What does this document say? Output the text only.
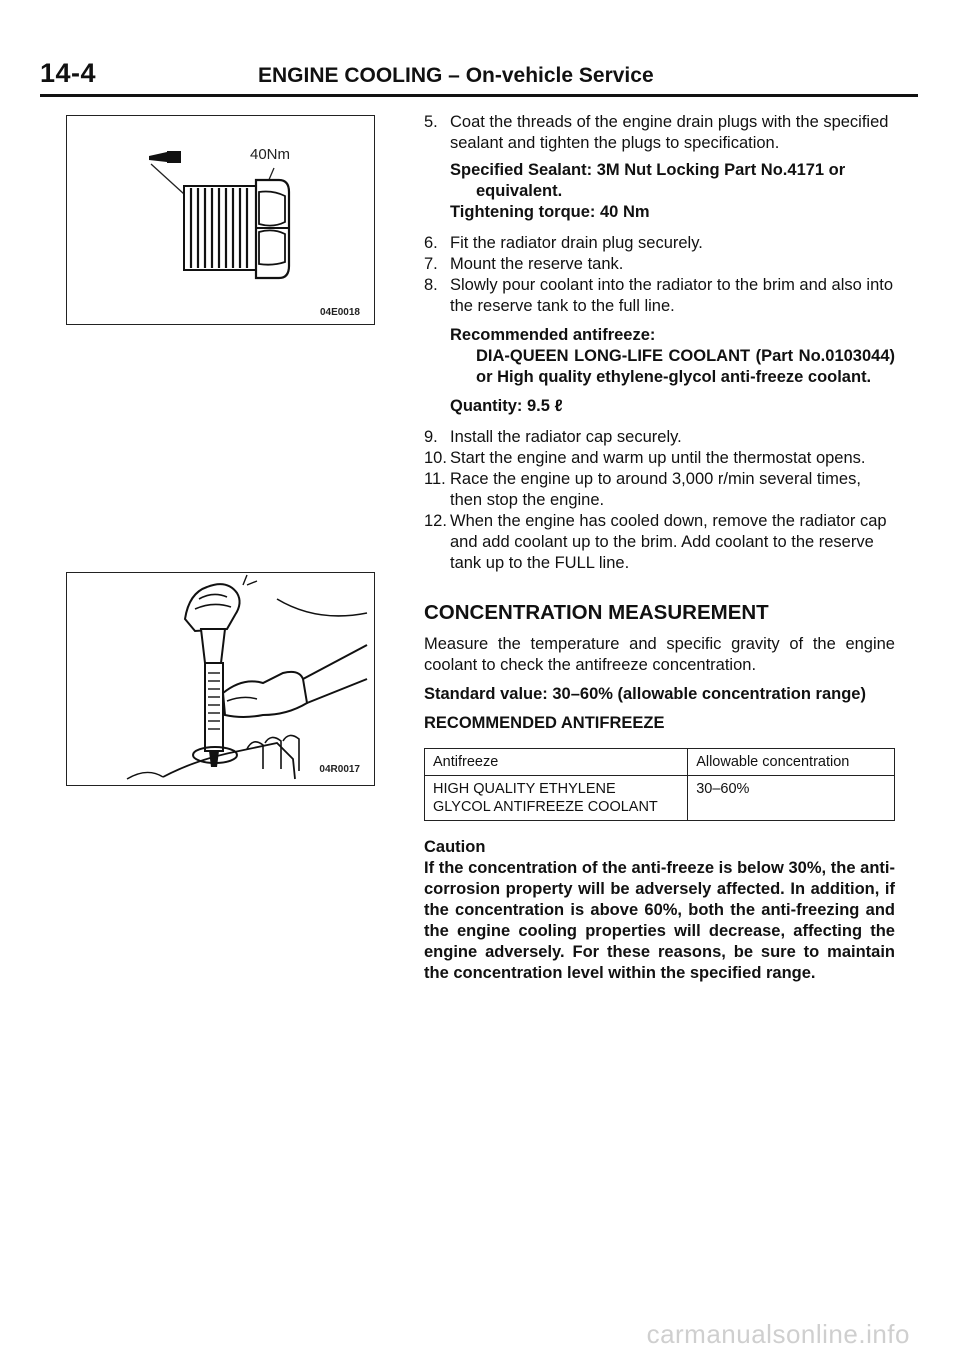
14-4	ENGINE COOLING – On-vehicle Service
40Nm
04E0018
04R0017

5. Coat the threads of the engine drain plugs with the specified sealant and tighten the plugs to specification.

Specified Sealant: 3M Nut Locking Part No.4171 or
equivalent.
Tightening torque: 40 Nm

6. Fit the radiator drain plug securely.

7. Mount the reserve tank.

8. Slowly pour coolant into the radiator to the brim and also into the reserve tank to the full line.

Recommended antifreeze:
DIA-QUEEN LONG-LIFE COOLANT (Part No.0103044) or High quality ethylene-glycol anti-freeze coolant.
Quantity: 9.5 ℓ

9. Install the radiator cap securely.

10. Start the engine and warm up until the thermostat opens.

11. Race the engine up to around 3,000 r/min several times, then stop the engine.

12. When the engine has cooled down, remove the radiator cap and add coolant up to the brim. Add coolant to the reserve tank up to the FULL line.

CONCENTRATION MEASUREMENT

Measure the temperature and specific gravity of the engine coolant to check the antifreeze concentration.

Standard value: 30–60% (allowable concentration range)

RECOMMENDED ANTIFREEZE

Antifreeze	Allowable concentration
HIGH QUALITY ETHYLENE
GLYCOL ANTIFREEZE COOLANT	30–60%

Caution

If the concentration of the anti-freeze is below 30%, the anti-corrosion property will be adversely affected. In addition, if the concentration is above 60%, both the anti-freezing and the engine cooling properties will decrease, affecting the engine adversely. For these reasons, be sure to maintain the concentration level within the specified range.

carmanualsonline.info
